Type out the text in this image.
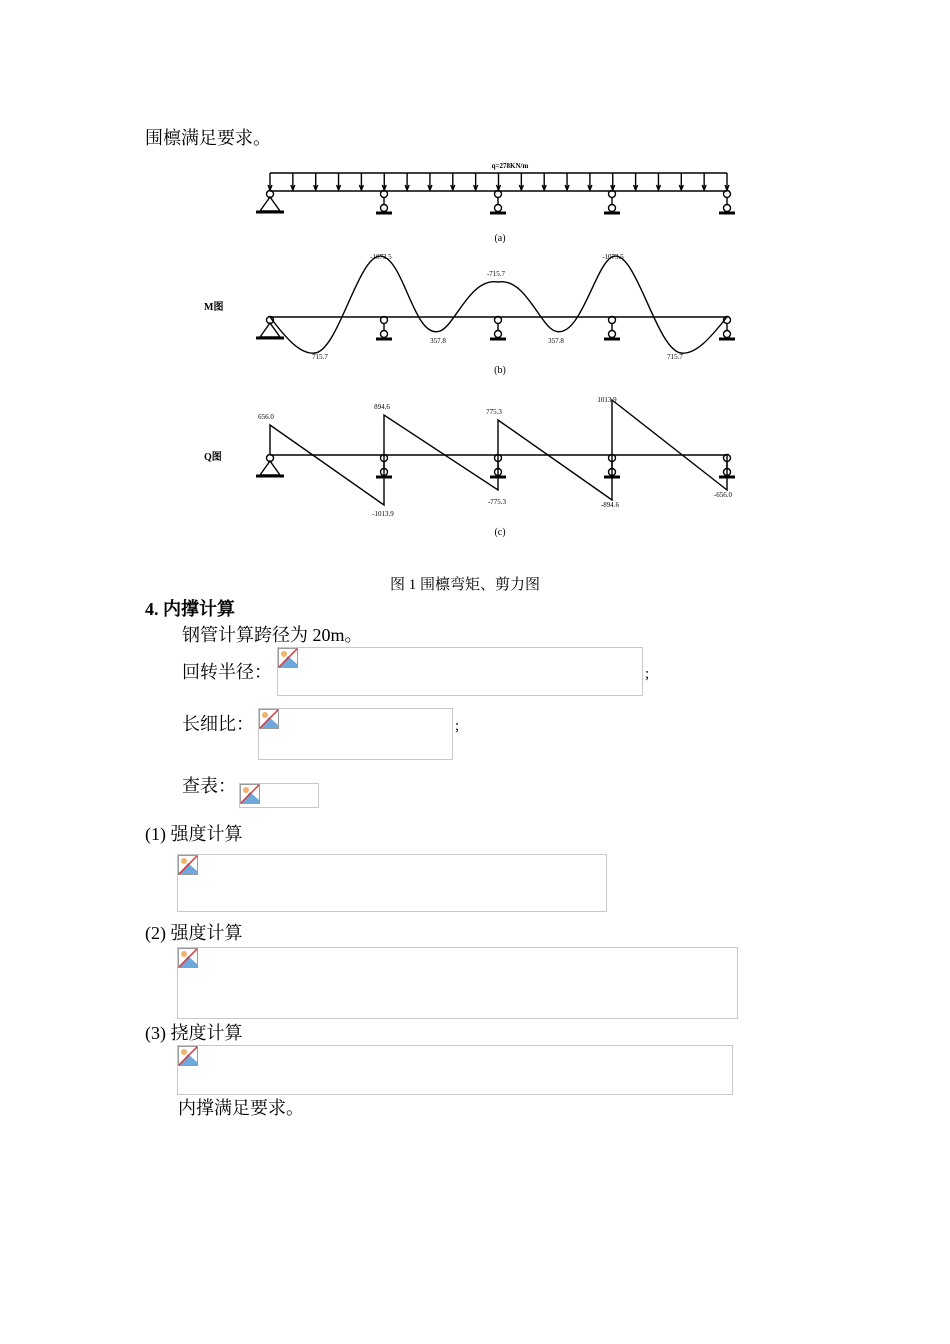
围檩满足要求。
q=278KN/m
(a)
M图
-1073.5
-715.7
-1073.5
715.7
357.8	357.8
715.7
(b)
Q图
656.0
894.6
775.3
1013.9
-1013.9
-775.3	-894.6
-656.0
(c)
图 1 围檩弯矩、剪力图
4. 内撑计算
钢管计算跨径为 20m。
回转半径：	;
长细比：	;
查表：
(1) 强度计算
(2) 强度计算
(3) 挠度计算
内撑满足要求。
